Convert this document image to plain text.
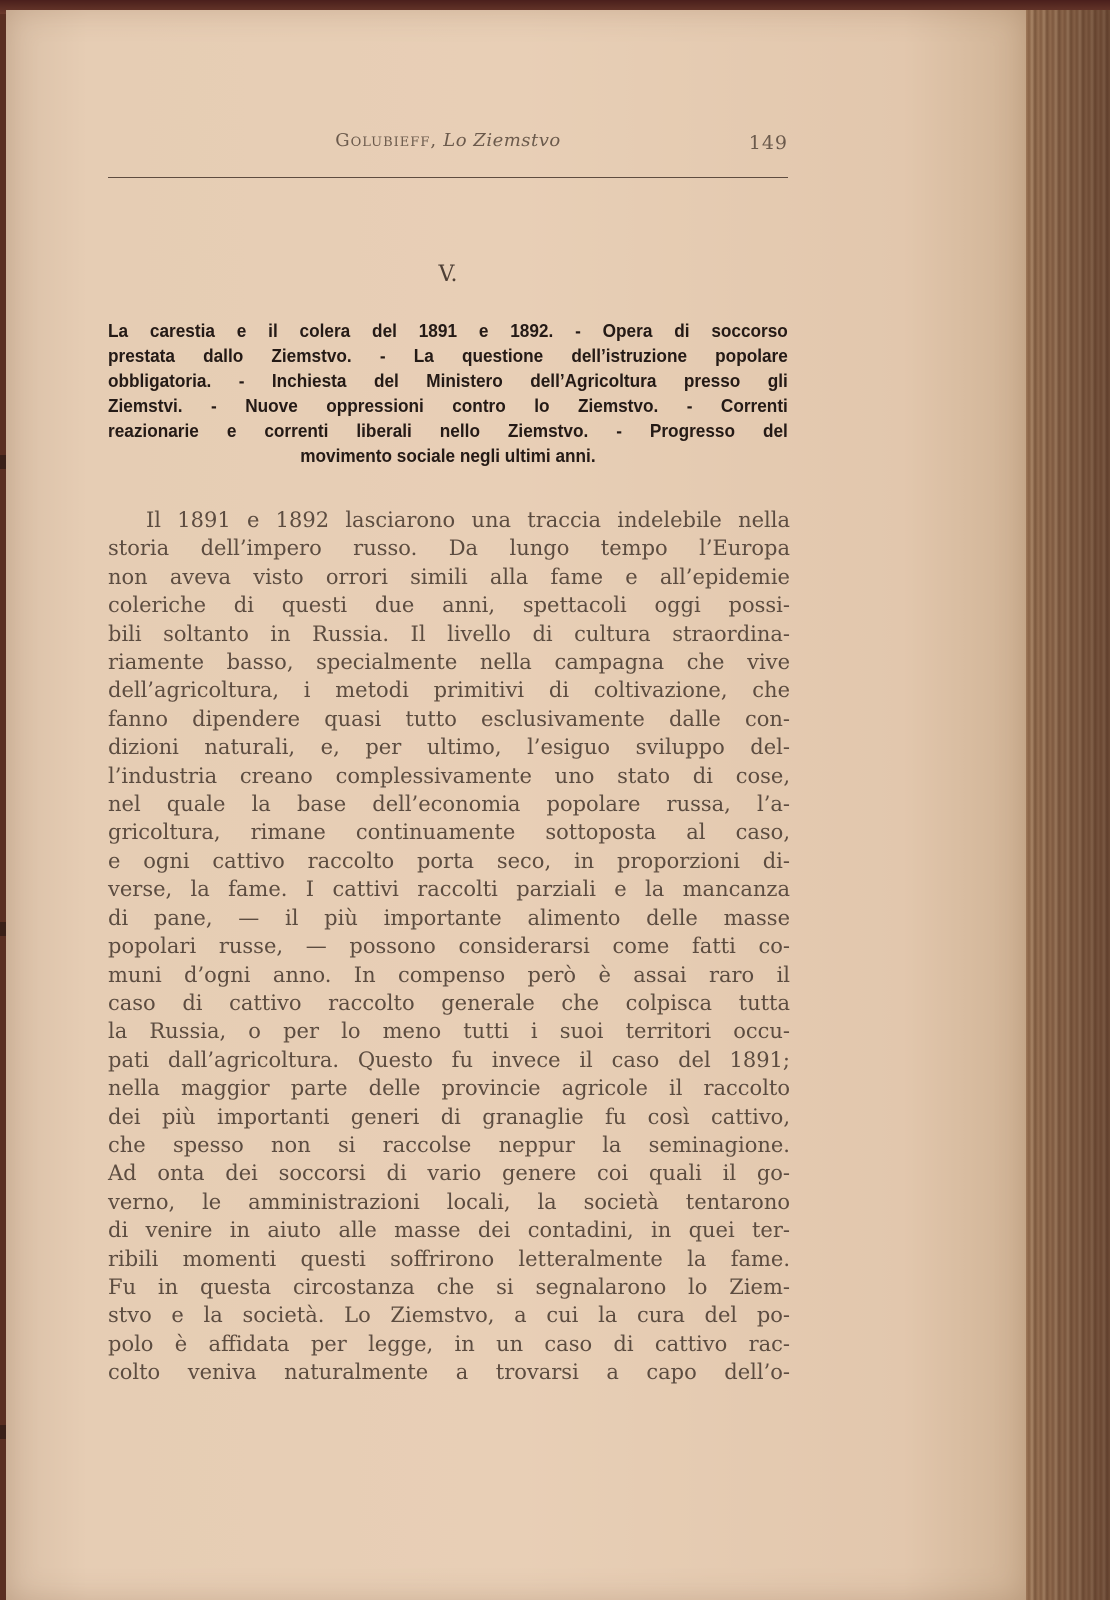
Golubieff, Lo Ziemstvo	149
V.
La carestia e il colera del 1891 e 1892. - Opera di soccorso
prestata dallo Ziemstvo. - La questione dell’istruzione popolare
obbligatoria. - Inchiesta del Ministero dell’Agricoltura presso gli
Ziemstvi. - Nuove oppressioni contro lo Ziemstvo. - Correnti
reazionarie e correnti liberali nello Ziemstvo. - Progresso del
movimento sociale negli ultimi anni.
Il 1891 e 1892 lasciarono una traccia indelebile nella
storia dell’impero russo. Da lungo tempo l’Europa
non aveva visto orrori simili alla fame e all’epidemie
coleriche di questi due anni, spettacoli oggi possi-
bili soltanto in Russia. Il livello di cultura straordina-
riamente basso, specialmente nella campagna che vive
dell’agricoltura, i metodi primitivi di coltivazione, che
fanno dipendere quasi tutto esclusivamente dalle con-
dizioni naturali, e, per ultimo, l’esiguo sviluppo del-
l’industria creano complessivamente uno stato di cose,
nel quale la base dell’economia popolare russa, l’a-
gricoltura, rimane continuamente sottoposta al caso,
e ogni cattivo raccolto porta seco, in proporzioni di-
verse, la fame. I cattivi raccolti parziali e la mancanza
di pane, — il più importante alimento delle masse
popolari russe, — possono considerarsi come fatti co-
muni d’ogni anno. In compenso però è assai raro il
caso di cattivo raccolto generale che colpisca tutta
la Russia, o per lo meno tutti i suoi territori occu-
pati dall’agricoltura. Questo fu invece il caso del 1891;
nella maggior parte delle provincie agricole il raccolto
dei più importanti generi di granaglie fu così cattivo,
che spesso non si raccolse neppur la seminagione.
Ad onta dei soccorsi di vario genere coi quali il go-
verno, le amministrazioni locali, la società tentarono
di venire in aiuto alle masse dei contadini, in quei ter-
ribili momenti questi soffrirono letteralmente la fame.
Fu in questa circostanza che si segnalarono lo Ziem-
stvo e la società. Lo Ziemstvo, a cui la cura del po-
polo è affidata per legge, in un caso di cattivo rac-
colto veniva naturalmente a trovarsi a capo dell’o-
